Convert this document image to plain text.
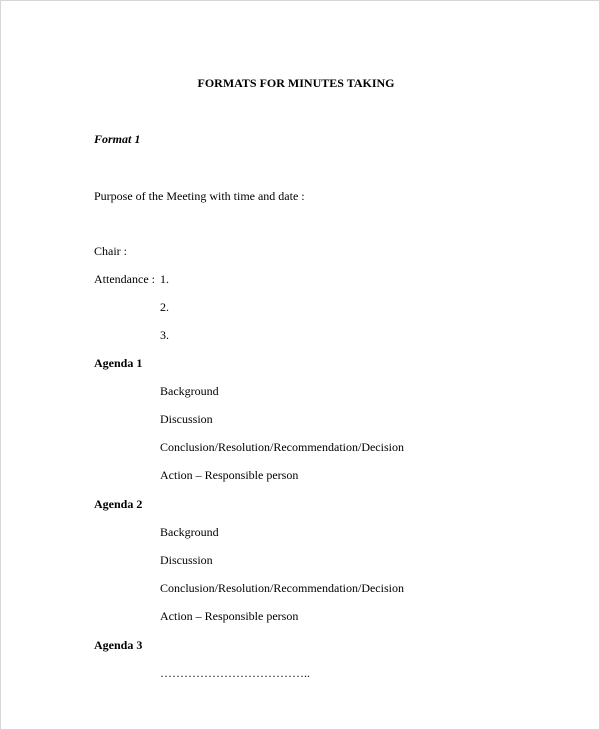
FORMATS FOR MINUTES TAKING
Format 1
Purpose of the Meeting with time and date :
Chair :
Attendance : 1.
2.
3.
Agenda 1
Background
Discussion
Conclusion/Resolution/Recommendation/Decision
Action – Responsible person
Agenda 2
Background
Discussion
Conclusion/Resolution/Recommendation/Decision
Action – Responsible person
Agenda 3
………………………………..
